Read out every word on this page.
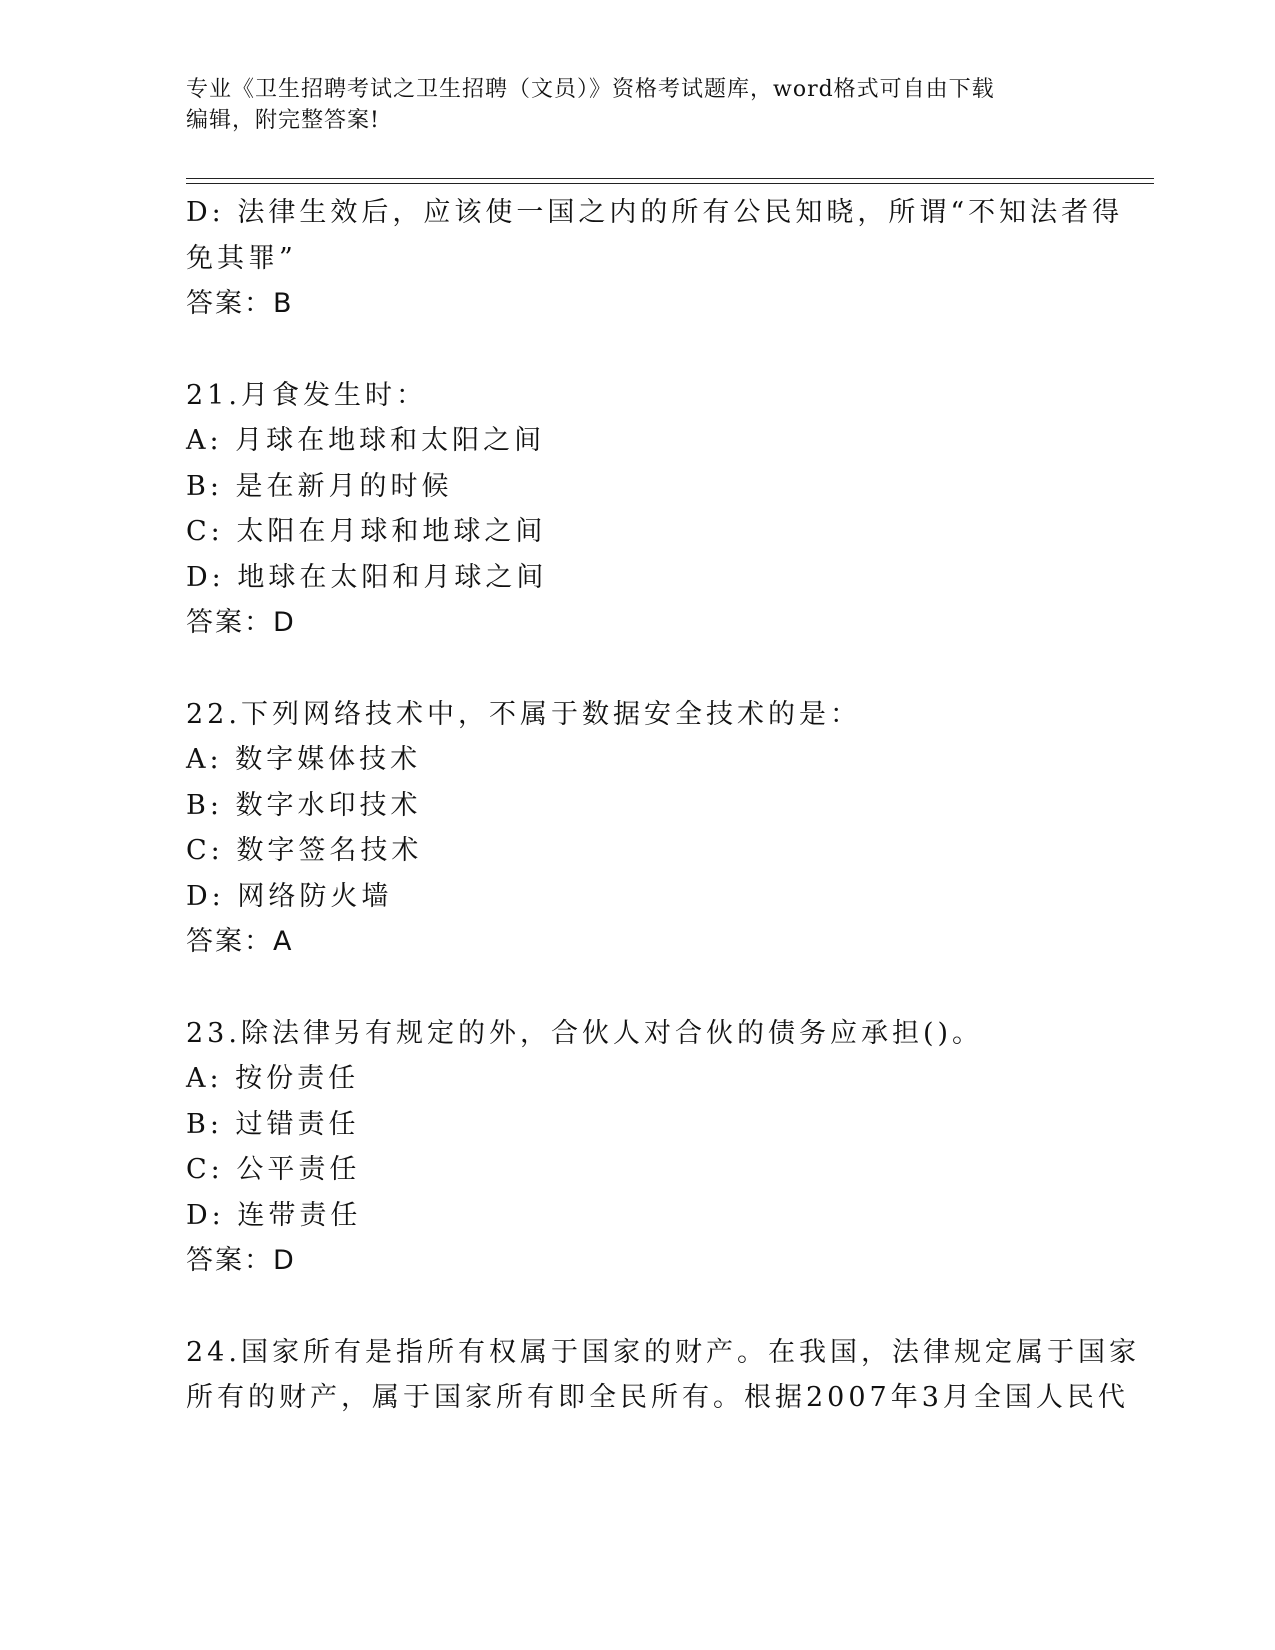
专业《卫生招聘考试之卫生招聘（文员）》资格考试题库，word格式可自由下载
编辑，附完整答案!
D: 法律生效后，应该使一国之内的所有公民知晓，所谓“不知法者得
免其罪”
答案：B
21.月食发生时：
A: 月球在地球和太阳之间
B: 是在新月的时候
C: 太阳在月球和地球之间
D: 地球在太阳和月球之间
答案：D
22.下列网络技术中，不属于数据安全技术的是：
A: 数字媒体技术
B: 数字水印技术
C: 数字签名技术
D: 网络防火墙
答案：A
23.除法律另有规定的外，合伙人对合伙的债务应承担()。
A: 按份责任
B: 过错责任
C: 公平责任
D: 连带责任
答案：D
24.国家所有是指所有权属于国家的财产。在我国，法律规定属于国家
所有的财产，属于国家所有即全民所有。根据2007年3月全国人民代
